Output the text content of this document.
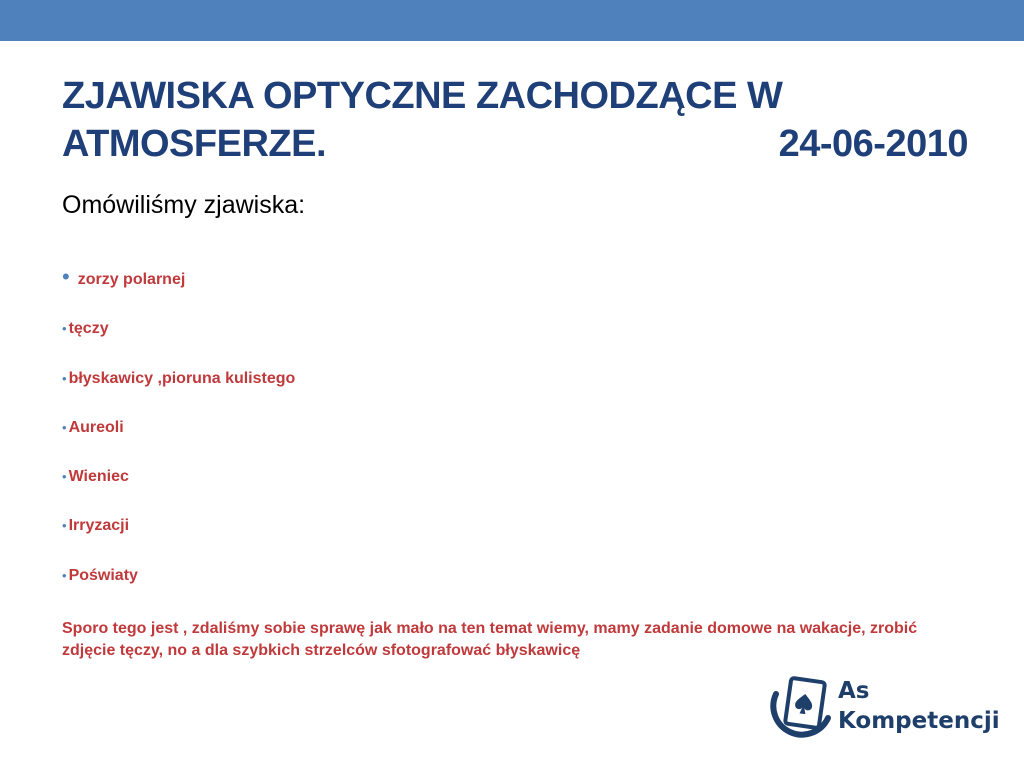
ZJAWISKA OPTYCZNE ZACHODZĄCE W

ATMOSFERZE.	24-06-2010

Omówiliśmy zjawiska:

• zorzy polarnej
• tęczy
• błyskawicy ,pioruna kulistego
• Aureoli
• Wieniec
• Irryzacji
• Poświaty

Sporo tego jest , zdaliśmy sobie sprawę jak mało na ten temat wiemy, mamy zadanie domowe na wakacje, zrobić zdjęcie tęczy, no a dla szybkich strzelców sfotografować błyskawicę

As
Kompetencji
